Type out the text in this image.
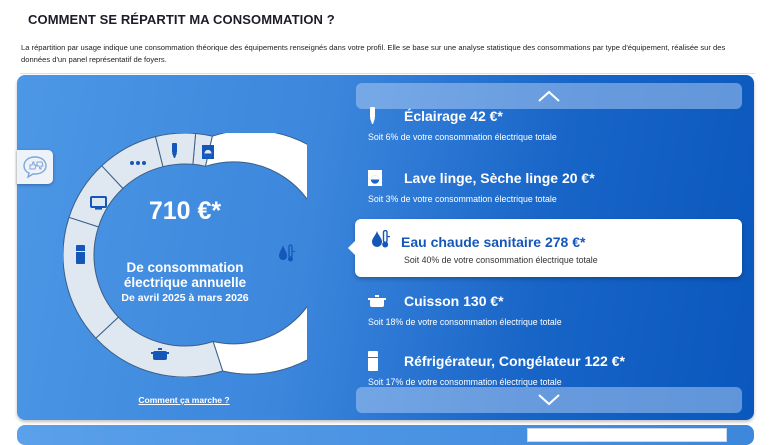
COMMENT SE RÉPARTIT MA CONSOMMATION ?
La répartition par usage indique une consommation théorique des équipements renseignés dans votre profil. Elle se base sur une analyse statistique des consommations par type d'équipement, réalisée sur des données d'un panel représentatif de foyers.
710 €*
De consommation
électrique annuelle
De avril 2025 à mars 2026
Comment ça marche ?
Éclairage 42 €*
Soit 6% de votre consommation électrique totale
Lave linge, Sèche linge 20 €*
Soit 3% de votre consommation électrique totale
Eau chaude sanitaire 278 €*
Soit 40% de votre consommation électrique totale
Cuisson 130 €*
Soit 18% de votre consommation électrique totale
Réfrigérateur, Congélateur 122 €*
Soit 17% de votre consommation électrique totale
